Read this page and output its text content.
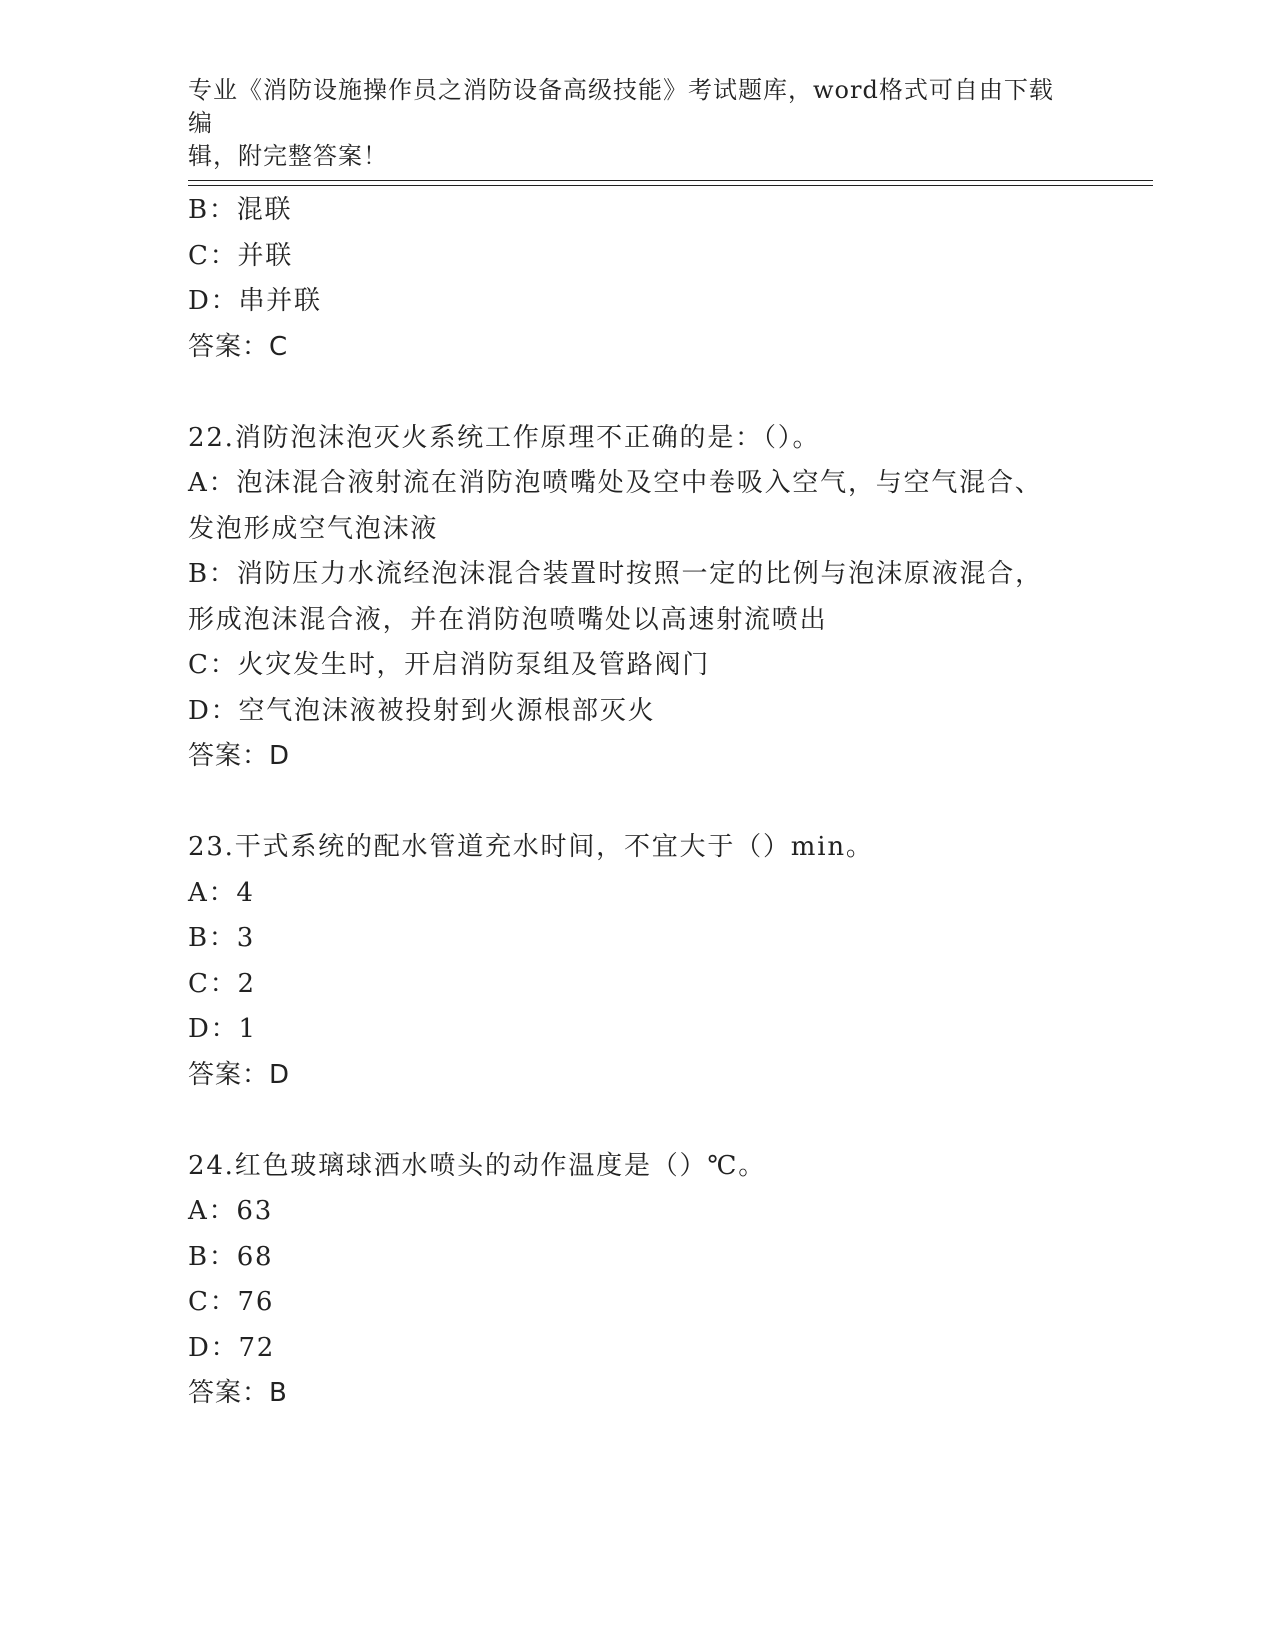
专业《消防设施操作员之消防设备高级技能》考试题库，word格式可自由下载编
辑，附完整答案！
B：混联
C：并联
D：串并联
答案：C
22.消防泡沫泡灭火系统工作原理不正确的是：（）。
A：泡沫混合液射流在消防泡喷嘴处及空中卷吸入空气，与空气混合、
发泡形成空气泡沫液
B：消防压力水流经泡沫混合装置时按照一定的比例与泡沫原液混合，
形成泡沫混合液，并在消防泡喷嘴处以高速射流喷出
C：火灾发生时，开启消防泵组及管路阀门
D：空气泡沫液被投射到火源根部灭火
答案：D
23.干式系统的配水管道充水时间，不宜大于（）min。
A：4
B：3
C：2
D：1
答案：D
24.红色玻璃球洒水喷头的动作温度是（）℃。
A：63
B：68
C：76
D：72
答案：B
